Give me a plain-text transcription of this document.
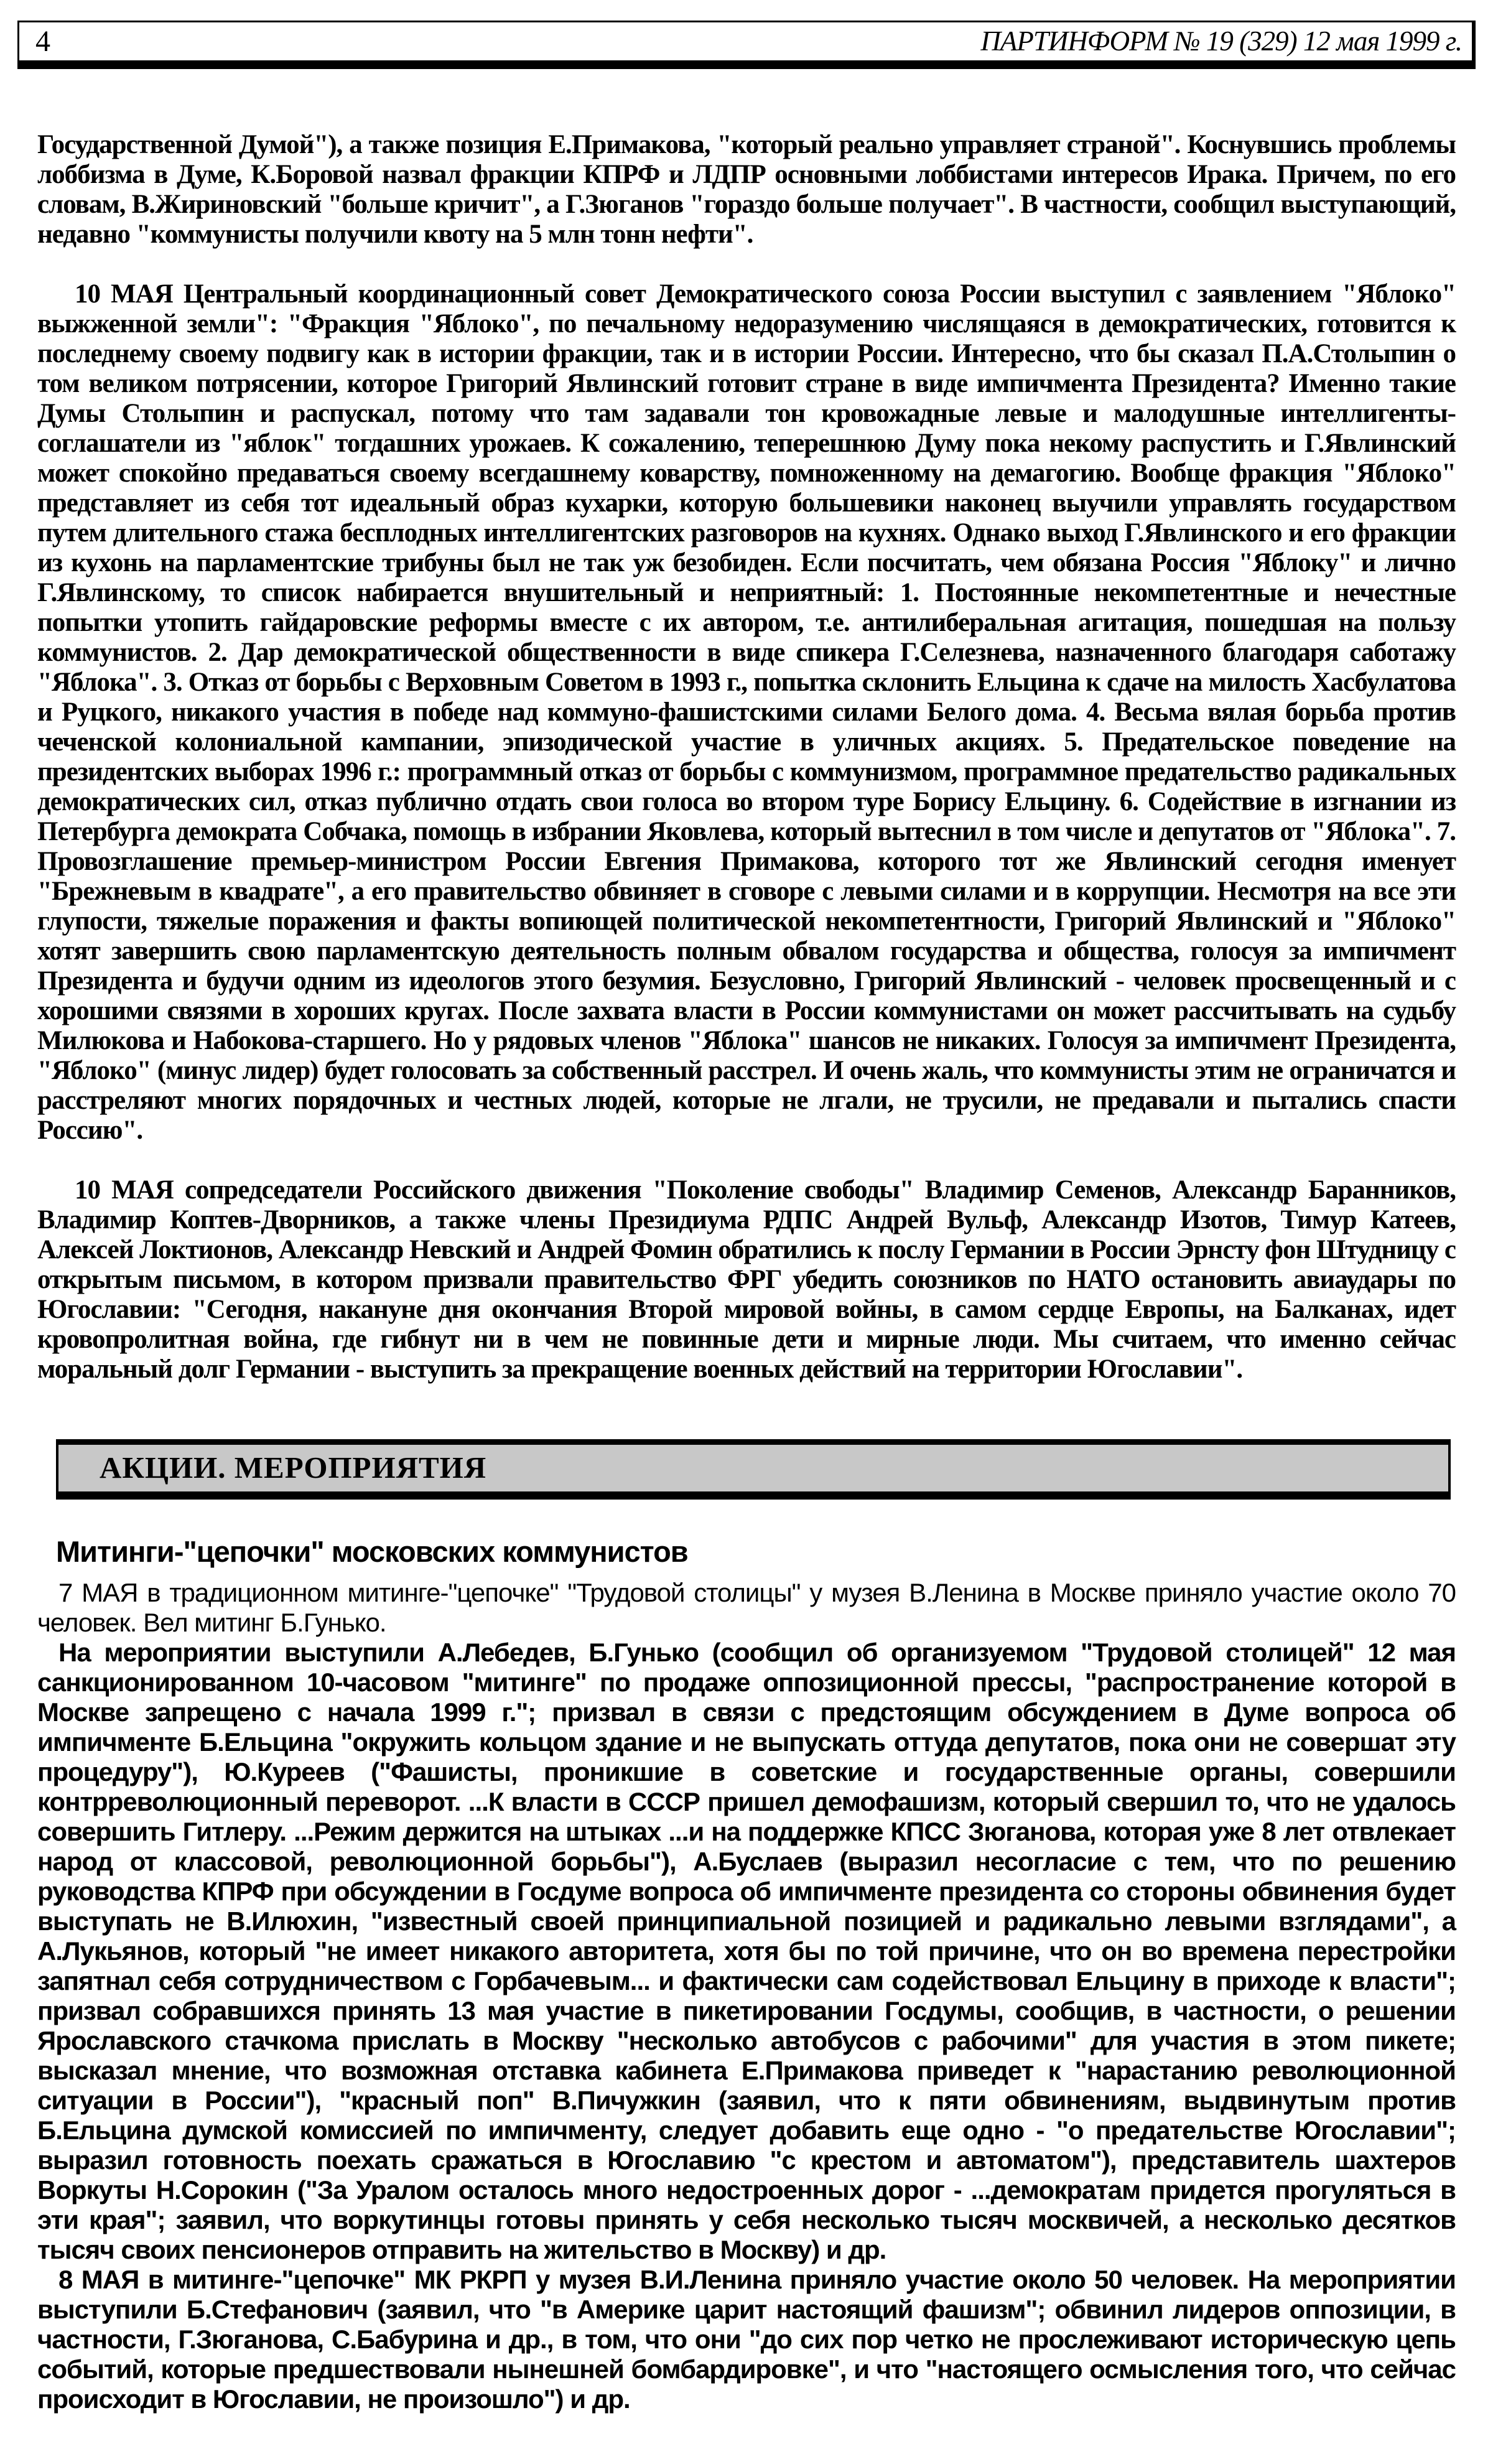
4	ПАРТИНФОРМ № 19 (329) 12 мая 1999 г.

Государственной Думой"), а также позиция Е.Примакова, "который реально управляет страной". Коснувшись проблемы лоббизма в Думе, К.Боровой назвал фракции КПРФ и ЛДПР основными лоббистами интересов Ирака. Причем, по его словам, В.Жириновский "больше кричит", а Г.Зюганов "гораздо больше получает". В частности, сообщил выступающий, недавно "коммунисты получили квоту на 5 млн тонн нефти".

10 МАЯ Центральный координационный совет Демократического союза России выступил с заявлением "Яблоко" выжженной земли": "Фракция "Яблоко", по печальному недоразумению числящаяся в демократических, готовится к последнему своему подвигу как в истории фракции, так и в истории России. Интересно, что бы сказал П.А.Столыпин о том великом потрясении, которое Григорий Явлинский готовит стране в виде импичмента Президента? Именно такие Думы Столыпин и распускал, потому что там задавали тон кровожадные левые и малодушные интеллигенты-соглашатели из "яблок" тогдашних урожаев. К сожалению, теперешнюю Думу пока некому распустить и Г.Явлинский может спокойно предаваться своему всегдашнему коварству, помноженному на демагогию. Вообще фракция "Яблоко" представляет из себя тот идеальный образ кухарки, которую большевики наконец выучили управлять государством путем длительного стажа бесплодных интеллигентских разговоров на кухнях. Однако выход Г.Явлинского и его фракции из кухонь на парламентские трибуны был не так уж безобиден. Если посчитать, чем обязана Россия "Яблоку" и лично Г.Явлинскому, то список набирается внушительный и неприятный: 1. Постоянные некомпетентные и нечестные попытки утопить гайдаровские реформы вместе с их автором, т.е. антилиберальная агитация, пошедшая на пользу коммунистов. 2. Дар демократической общественности в виде спикера Г.Селезнева, назначенного благодаря саботажу "Яблока". 3. Отказ от борьбы с Верховным Советом в 1993 г., попытка склонить Ельцина к сдаче на милость Хасбулатова и Руцкого, никакого участия в победе над коммуно-фашистскими силами Белого дома. 4. Весьма вялая борьба против чеченской колониальной кампании, эпизодической участие в уличных акциях. 5. Предательское поведение на президентских выборах 1996 г.: программный отказ от борьбы с коммунизмом, программное предательство радикальных демократических сил, отказ публично отдать свои голоса во втором туре Борису Ельцину. 6. Содействие в изгнании из Петербурга демократа Собчака, помощь в избрании Яковлева, который вытеснил в том числе и депутатов от "Яблока". 7. Провозглашение премьер-министром России Евгения Примакова, которого тот же Явлинский сегодня именует "Брежневым в квадрате", а его правительство обвиняет в сговоре с левыми силами и в коррупции. Несмотря на все эти глупости, тяжелые поражения и факты вопиющей политической некомпетентности, Григорий Явлинский и "Яблоко" хотят завершить свою парламентскую деятельность полным обвалом государства и общества, голосуя за импичмент Президента и будучи одним из идеологов этого безумия. Безусловно, Григорий Явлинский - человек просвещенный и с хорошими связями в хороших кругах. После захвата власти в России коммунистами он может рассчитывать на судьбу Милюкова и Набокова-старшего. Но у рядовых членов "Яблока" шансов не никаких. Голосуя за импичмент Президента, "Яблоко" (минус лидер) будет голосовать за собственный расстрел. И очень жаль, что коммунисты этим не ограничатся и расстреляют многих порядочных и честных людей, которые не лгали, не трусили, не предавали и пытались спасти Россию".

10 МАЯ сопредседатели Российского движения "Поколение свободы" Владимир Семенов, Александр Баранников, Владимир Коптев-Дворников, а также члены Президиума РДПС Андрей Вульф, Александр Изотов, Тимур Катеев, Алексей Локтионов, Александр Невский и Андрей Фомин обратились к послу Германии в России Эрнсту фон Штудницу с открытым письмом, в котором призвали правительство ФРГ убедить союзников по НАТО остановить авиаудары по Югославии: "Сегодня, накануне дня окончания Второй мировой войны, в самом сердце Европы, на Балканах, идет кровопролитная война, где гибнут ни в чем не повинные дети и мирные люди. Мы считаем, что именно сейчас моральный долг Германии - выступить за прекращение военных действий на территории Югославии".

АКЦИИ. МЕРОПРИЯТИЯ
Митинги-"цепочки" московских коммунистов

7 МАЯ в традиционном митинге-"цепочке" "Трудовой столицы" у музея В.Ленина в Москве приняло участие около 70 человек. Вел митинг Б.Гунько.

На мероприятии выступили А.Лебедев, Б.Гунько (сообщил об организуемом "Трудовой столицей" 12 мая санкционированном 10-часовом "митинге" по продаже оппозиционной прессы, "распространение которой в Москве запрещено с начала 1999 г."; призвал в связи с предстоящим обсуждением в Думе вопроса об импичменте Б.Ельцина "окружить кольцом здание и не выпускать оттуда депутатов, пока они не совершат эту процедуру"), Ю.Куреев ("Фашисты, проникшие в советские и государственные органы, совершили контрреволюционный переворот. ...К власти в СССР пришел демофашизм, который свершил то, что не удалось совершить Гитлеру. ...Режим держится на штыках ...и на поддержке КПСС Зюганова, которая уже 8 лет отвлекает народ от классовой, революционной борьбы"), А.Буслаев (выразил несогласие с тем, что по решению руководства КПРФ при обсуждении в Госдуме вопроса об импичменте президента со стороны обвинения будет выступать не В.Илюхин, "известный своей принципиальной позицией и радикально левыми взглядами", а А.Лукьянов, который "не имеет никакого авторитета, хотя бы по той причине, что он во времена перестройки запятнал себя сотрудничеством с Горбачевым... и фактически сам содействовал Ельцину в приходе к власти"; призвал собравшихся принять 13 мая участие в пикетировании Госдумы, сообщив, в частности, о решении Ярославского стачкома прислать в Москву "несколько автобусов с рабочими" для участия в этом пикете; высказал мнение, что возможная отставка кабинета Е.Примакова приведет к "нарастанию революционной ситуации в России"), "красный поп" В.Пичужкин (заявил, что к пяти обвинениям, выдвинутым против Б.Ельцина думской комиссией по импичменту, следует добавить еще одно - "о предательстве Югославии"; выразил готовность поехать сражаться в Югославию "с крестом и автоматом"), представитель шахтеров Воркуты Н.Сорокин ("За Уралом осталось много недостроенных дорог - ...демократам придется прогуляться в эти края"; заявил, что воркутинцы готовы принять у себя несколько тысяч москвичей, а несколько десятков тысяч своих пенсионеров отправить на жительство в Москву) и др.

8 МАЯ в митинге-"цепочке" МК РКРП у музея В.И.Ленина приняло участие около 50 человек. На мероприятии выступили Б.Стефанович (заявил, что "в Америке царит настоящий фашизм"; обвинил лидеров оппозиции, в частности, Г.Зюганова, С.Бабурина и др., в том, что они "до сих пор четко не прослеживают историческую цепь событий, которые предшествовали нынешней бомбардировке", и что "настоящего осмысления того, что сейчас происходит в Югославии, не произошло") и др.
